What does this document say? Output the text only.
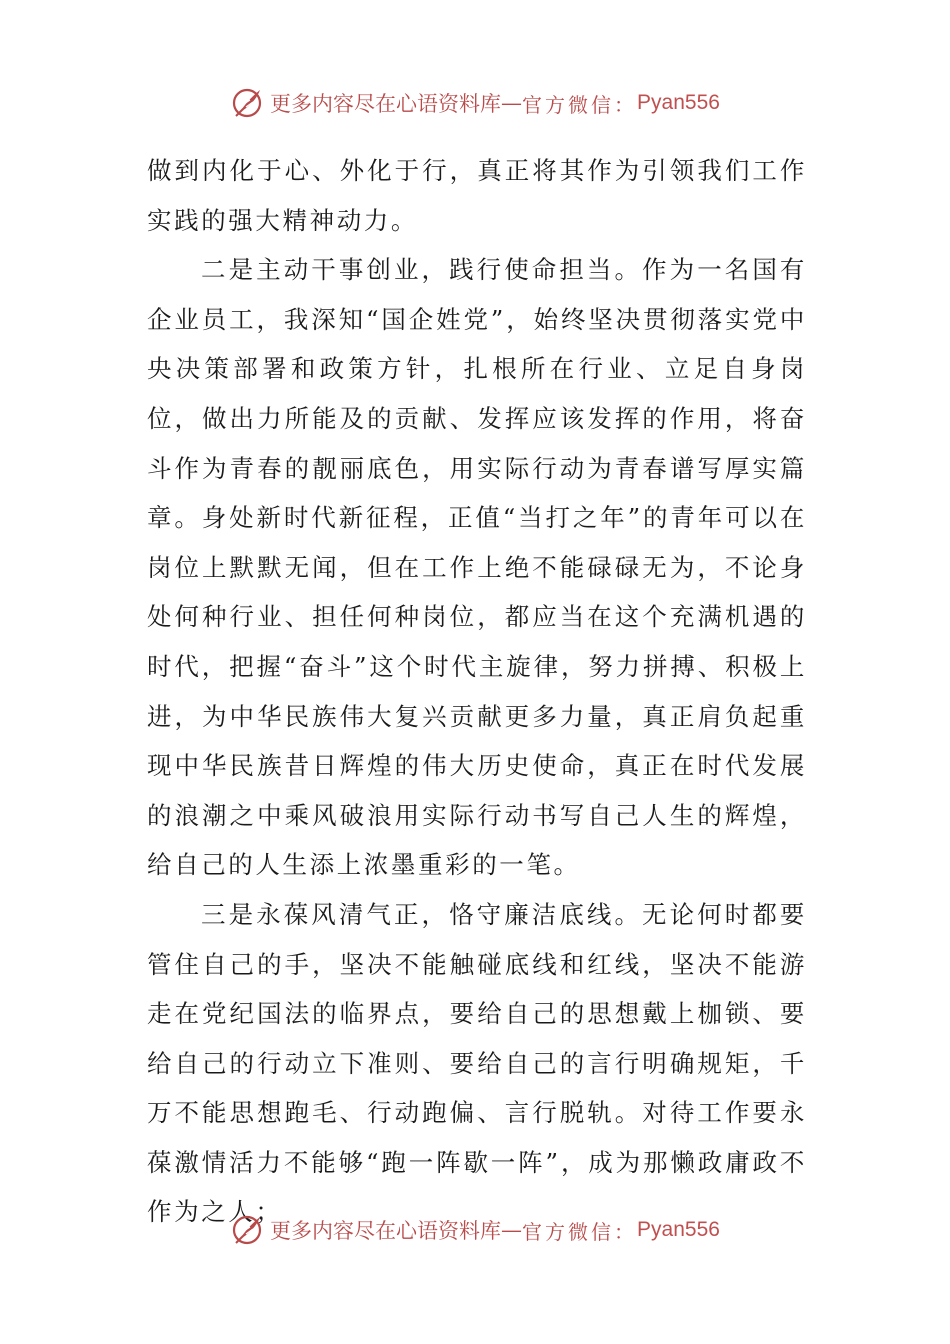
更多内容尽在心语资料库 — 官方微信： Pyan556

做到内化于心、外化于行，真正将其作为引领我们工作实践的强大精神动力。

二是主动干事创业，践行使命担当。作为一名国有企业员工，我深知“国企姓党”，始终坚决贯彻落实党中央决策部署和政策方针，扎根所在行业、立足自身岗位，做出力所能及的贡献、发挥应该发挥的作用，将奋斗作为青春的靓丽底色，用实际行动为青春谱写厚实篇章。身处新时代新征程，正值“当打之年”的青年可以在岗位上默默无闻，但在工作上绝不能碌碌无为，不论身处何种行业、担任何种岗位，都应当在这个充满机遇的时代，把握“奋斗”这个时代主旋律，努力拼搏、积极上进，为中华民族伟大复兴贡献更多力量，真正肩负起重现中华民族昔日辉煌的伟大历史使命，真正在时代发展的浪潮之中乘风破浪用实际行动书写自己人生的辉煌，给自己的人生添上浓墨重彩的一笔。

三是永葆风清气正，恪守廉洁底线。无论何时都要管住自己的手，坚决不能触碰底线和红线，坚决不能游走在党纪国法的临界点，要给自己的思想戴上枷锁、要给自己的行动立下准则、要给自己的言行明确规矩，千万不能思想跑毛、行动跑偏、言行脱轨。对待工作要永葆激情活力不能够“跑一阵歇一阵”，成为那懒政庸政不作为之人；

更多内容尽在心语资料库 — 官方微信： Pyan556
